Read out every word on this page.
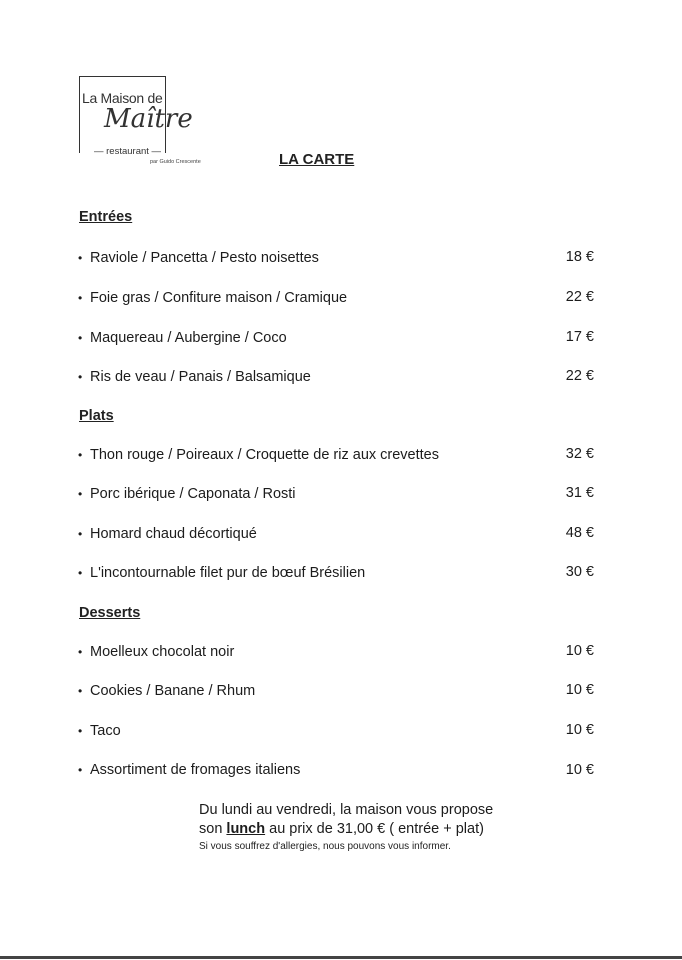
La Maison de
Maître
— restaurant —
par Guido Crescente	LA CARTE
Entrées
• Raviole / Pancetta / Pesto noisettes	18 €
• Foie gras / Confiture maison / Cramique	22 €
• Maquereau / Aubergine / Coco	17 €
• Ris de veau / Panais / Balsamique	22 €
Plats
• Thon rouge / Poireaux / Croquette de riz aux crevettes	32 €
• Porc ibérique / Caponata / Rosti	31 €
• Homard chaud décortiqué	48 €
• L'incontournable filet pur de bœuf Brésilien	30 €
Desserts
• Moelleux chocolat noir	10 €
• Cookies / Banane / Rhum	10 €
• Taco	10 €
• Assortiment de fromages italiens	10 €
Du lundi au vendredi, la maison vous propose
son lunch au prix de 31,00 € ( entrée + plat)
Si vous souffrez d'allergies, nous pouvons vous informer.
